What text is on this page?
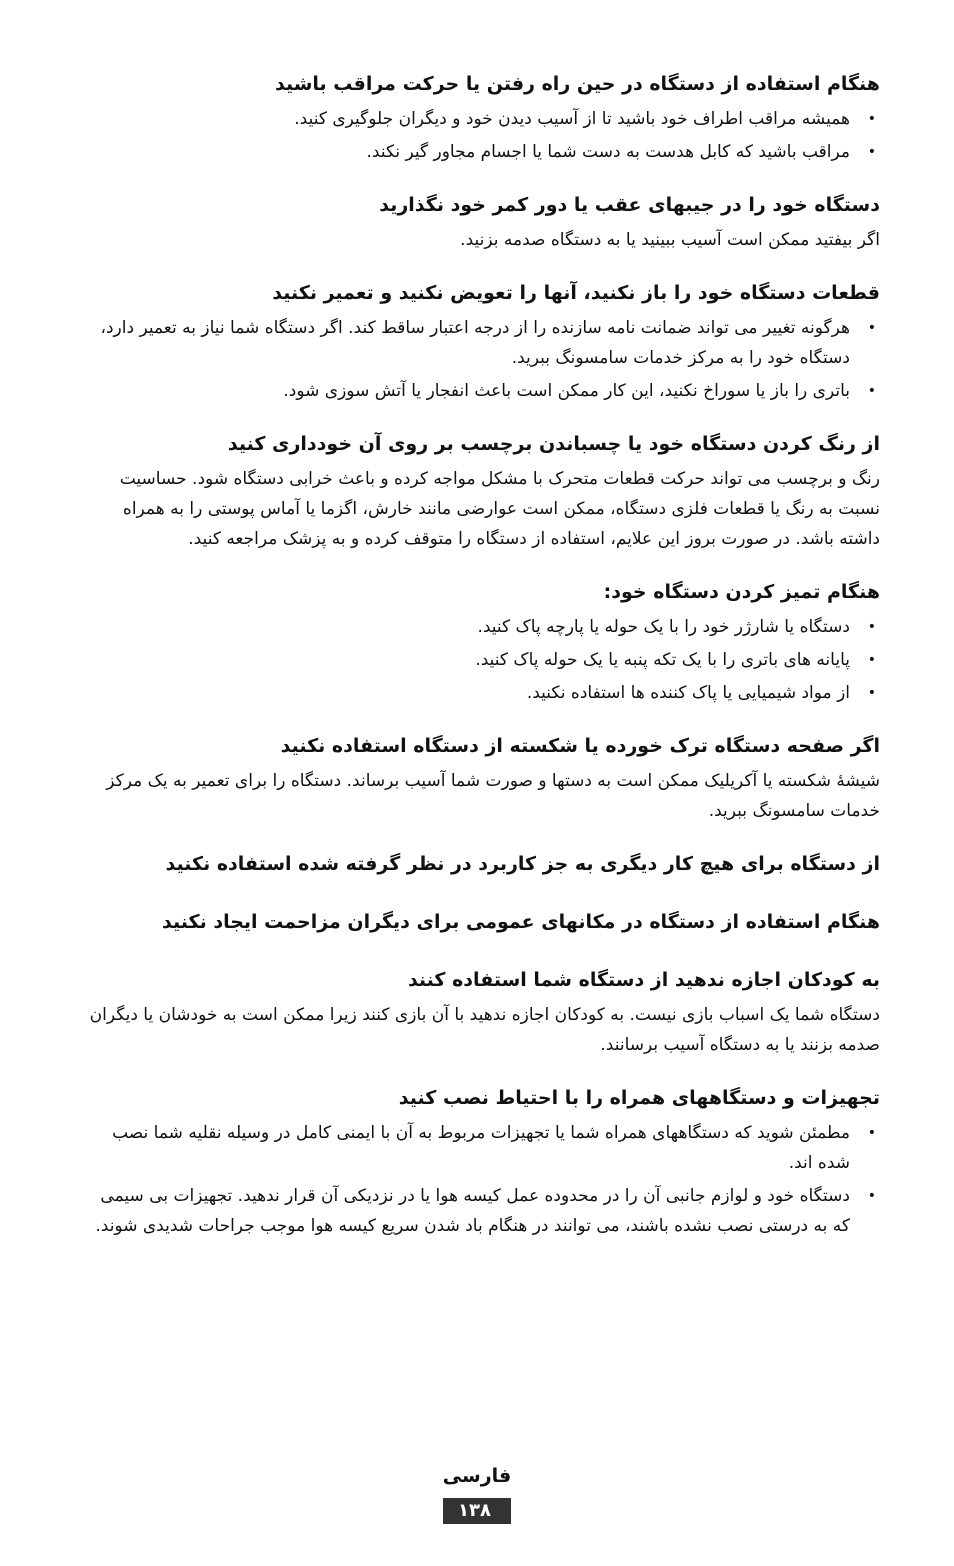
هنگام استفاده از دستگاه در حین راه رفتن یا حرکت مراقب باشید
•
همیشه مراقب اطراف خود باشید تا از آسیب دیدن خود و دیگران جلوگیری کنید.
•
مراقب باشید که کابل هدست به دست شما یا اجسام مجاور گیر نکند.
دستگاه خود را در جیبهای عقب یا دور کمر خود نگذارید

اگر بیفتید ممکن است آسیب ببینید یا به دستگاه صدمه بزنید.

قطعات دستگاه خود را باز نکنید، آنها را تعویض نکنید و تعمیر نکنید
•
هرگونه تغییر می تواند ضمانت نامه سازنده را از درجه اعتبار ساقط کند. اگر دستگاه شما نیاز به تعمیر دارد، دستگاه خود را به مرکز خدمات سامسونگ ببرید.
•
باتری را باز یا سوراخ نکنید، این کار ممکن است باعث انفجار یا آتش سوزی شود.
از رنگ کردن دستگاه خود یا چسباندن برچسب بر روی آن خودداری کنید

رنگ و برچسب می تواند حرکت قطعات متحرک با مشکل مواجه کرده و باعث خرابی دستگاه شود. حساسیت نسبت به رنگ یا قطعات فلزی دستگاه، ممکن است عوارضی مانند خارش، اگزما یا آماس پوستی را به همراه داشته باشد. در صورت بروز این علایم، استفاده از دستگاه را متوقف کرده و به پزشک مراجعه کنید.

هنگام تمیز کردن دستگاه خود:
•
دستگاه یا شارژر خود را با یک حوله یا پارچه پاک کنید.
•
پایانه های باتری را با یک تکه پنبه یا یک حوله پاک کنید.
•
از مواد شیمیایی یا پاک کننده ها استفاده نکنید.
اگر صفحه دستگاه ترک خورده یا شکسته از دستگاه استفاده نکنید

شیشهٔ شکسته یا آکریلیک ممکن است به دستها و صورت شما آسیب برساند. دستگاه را برای تعمیر به یک مرکز خدمات سامسونگ ببرید.

از دستگاه برای هیچ کار دیگری به جز کاربرد در نظر گرفته شده استفاده نکنید
هنگام استفاده از دستگاه در مکانهای عمومی برای دیگران مزاحمت ایجاد نکنید
به کودکان اجازه ندهید از دستگاه شما استفاده کنند

دستگاه شما یک اسباب بازی نیست. به کودکان اجازه ندهید با آن بازی کنند زیرا ممکن است به خودشان یا دیگران صدمه بزنند یا به دستگاه آسیب برسانند.

تجهیزات و دستگاههای همراه را با احتیاط نصب کنید
•
مطمئن شوید که دستگاههای همراه شما یا تجهیزات مربوط به آن با ایمنی کامل در وسیله نقلیه شما نصب شده اند.
•
دستگاه خود و لوازم جانبی آن را در محدوده عمل کیسه هوا یا در نزدیکی آن قرار ندهید. تجهیزات بی سیمی که به درستی نصب نشده باشند، می توانند در هنگام باد شدن سریع کیسه هوا موجب جراحات شدیدی شوند.
فارسی
۱۳۸
